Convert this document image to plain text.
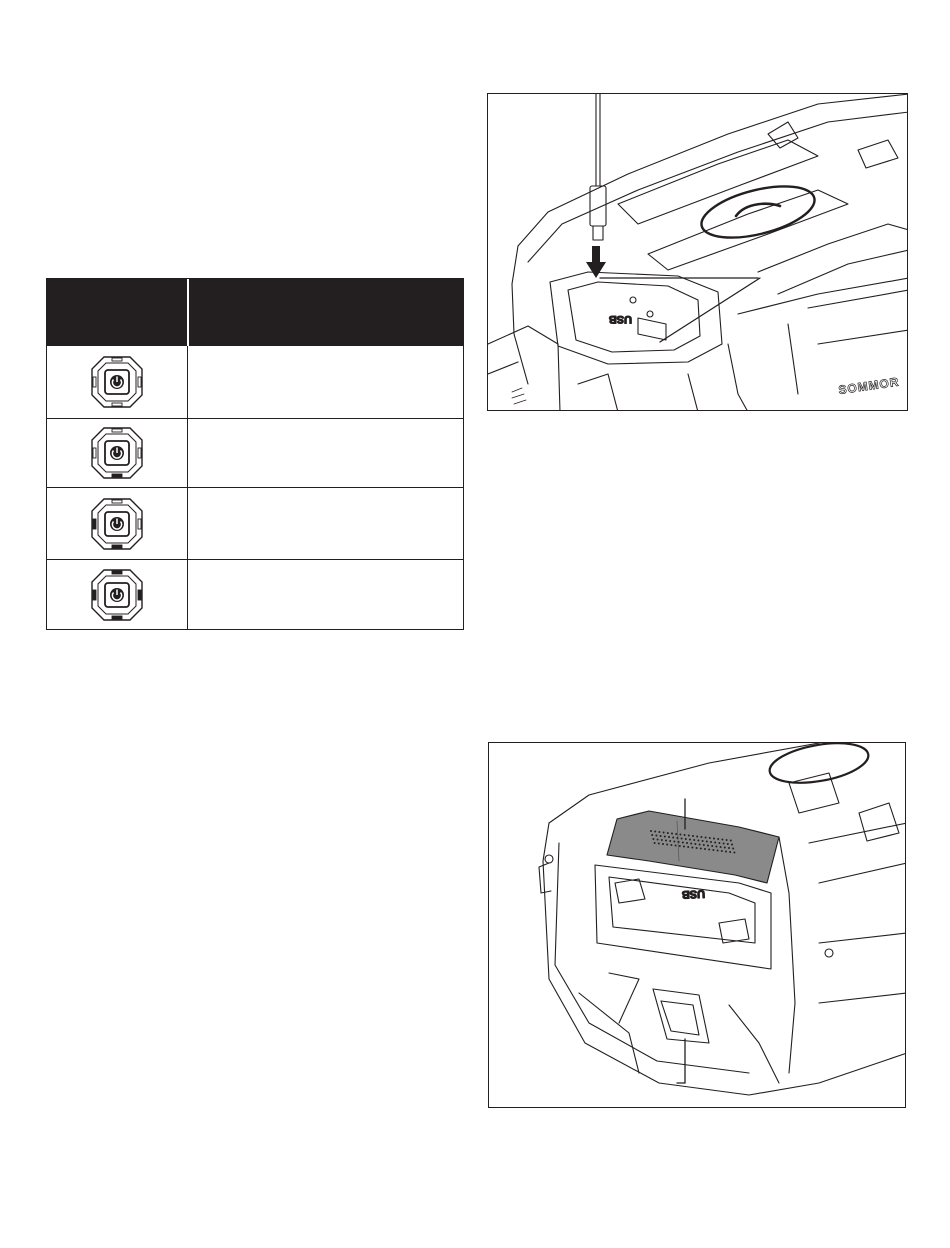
USB
SOMMOR
USB
